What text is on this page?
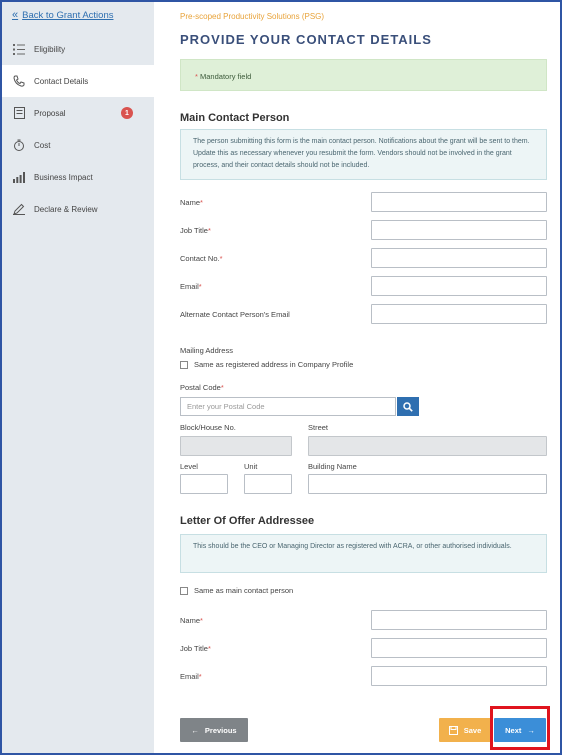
« Back to Grant Actions
Eligibility
Contact Details
Proposal	1
Cost
Business Impact
Declare & Review
Pre-scoped Productivity Solutions (PSG)
PROVIDE YOUR CONTACT DETAILS
* Mandatory field
Main Contact Person
The person submitting this form is the main contact person. Notifications about the grant will be sent to them. Update this as necessary whenever you resubmit the form. Vendors should not be involved in the grant process, and their contact details should not be included.
Name*
Job Title*
Contact No.*
Email*
Alternate Contact Person's Email
Mailing Address
Same as registered address in Company Profile
Postal Code*
Enter your Postal Code
Block/House No.	Street
Level	Unit	Building Name
Letter Of Offer Addressee
This should be the CEO or Managing Director as registered with ACRA, or other authorised individuals.
Same as main contact person
Name*
Job Title*
Email*
← Previous	Save	Next →
